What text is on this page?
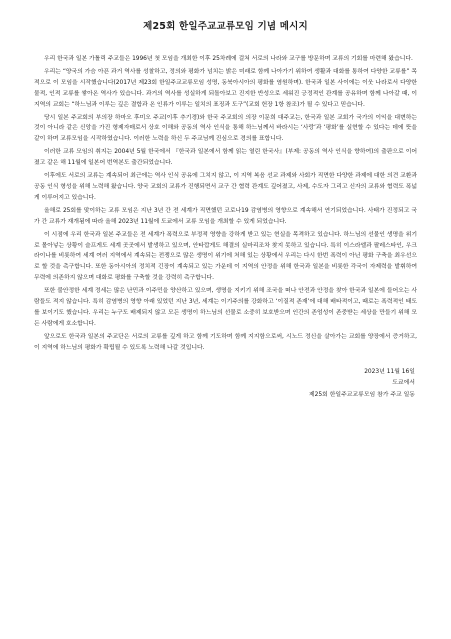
제25회 한일주교교류모임 기념 메시지

우리 한국과 일본 가톨릭 주교들은 1996년 첫 모임을 개최한 이후 25차례에 걸쳐 서로의 나라와 교구를 방문하며 교류의 기회를 마련해 왔습니다.

우리는 “양국의 가슴 아픈 과거 역사를 성찰하고, 정의와 평화가 넘치는 밝은 미래로 함께 나아가기 위하여 생활과 대화를 통하여 다양한 교류를” 목적으로 이 모임을 시작했습니다(2017년 제23회 한일주교교류모임 성명, 동북아시아의 평화를 염원하며). 한국과 일본 사이에는 이웃 나라로서 다양한 물적, 인적 교류를 쌓아온 역사가 있습니다. 과거의 역사를 성실하게 되돌아보고 진지한 반성으로 세워진 긍정적인 관계를 공유하며 함께 나아갈 때, 이 지역의 교회는 “하느님과 이루는 깊은 결합과 온 인류가 이루는 일치의 표징과 도구”(교회 헌장 1항 참조)가 될 수 있다고 믿습니다.

당시 일본 주교회의 부의장 하마오 후미오 주교(이후 추기경)와 한국 주교회의 의장 이문희 대주교는, 한국과 일본 교회가 국가의 이익을 대변하는 것이 아니라 같은 신앙을 가진 형제자매로서 상호 이해와 공동의 역사 인식을 통해 하느님께서 바라시는 ‘사랑’과 ‘평화’를 실현할 수 있다는 데에 뜻을 같이 하며 교류모임을 시작하였습니다. 이러한 노력을 하신 두 주교님께 진심으로 경의를 표합니다.

이러한 교류 모임의 취지는 2004년 5월 한국에서 『한국과 일본에서 함께 읽는 열린 한국사』(부제: 공동의 역사 인식을 향하여)의 출판으로 이어졌고 같은 해 11월에 일본어 번역본도 출간되었습니다.

이후에도 서로의 교류는 계속되어 최근에는 역사 인식 공유에 그치지 않고, 이 지역 복음 선교 과제와 사회가 직면한 다양한 과제에 대한 의견 교환과 공동 인식 형성을 위해 노력해 왔습니다. 양국 교회의 교류가 진행되면서 교구 간 협력 관계도 깊어졌고, 사제, 수도자 그리고 신자의 교류와 협력도 폭넓게 이루어지고 있습니다.

올해로 25회를 맞이하는 교류 모임은 지난 3년 간 전 세계가 직면했던 코로나19 감염병의 영향으로 계속해서 연기되었습니다. 사태가 진정되고 국가 간 교류가 재개됨에 따라 올해 2023년 11월에 도쿄에서 교류 모임을 개최할 수 있게 되었습니다.

이 시점에 우리 한국과 일본 주교들은 전 세계가 폭력으로 부정적 영향을 강하게 받고 있는 현실을 목격하고 있습니다. 하느님의 선물인 생명을 위기로 몰아넣는 상황이 슬프게도 세계 곳곳에서 발생하고 있으며, 안타깝게도 해결의 실마리조차 찾지 못하고 있습니다. 특히 이스라엘과 팔레스타인, 우크라이나를 비롯하여 세계 여러 지역에서 계속되는 전쟁으로 많은 생명이 위기에 처해 있는 상황에서 우리는 다시 한번 폭력이 아닌 평화 구축을 최우선으로 할 것을 촉구합니다. 또한 동아시아의 정치적 긴장이 계속되고 있는 가운데 이 지역의 안정을 위해 한국과 일본을 비롯한 각국이 자제력을 발휘하여 무력에 의존하지 않으며 대화로 평화를 구축할 것을 강력히 촉구합니다.

또한 불안정한 세계 정세는 많은 난민과 이주민을 양산하고 있으며, 생명을 지키기 위해 조국을 떠나 안전과 안정을 찾아 한국과 일본에 들어오는 사람들도 적지 않습니다. 특히 감염병의 영향 아래 있었던 지난 3년, 세계는 이기주의를 강화하고 ‘이질적 존재’에 대해 배타적이고, 때로는 폭력적인 태도를 보이기도 했습니다. 우리는 누구도 배제되지 않고 모든 생명이 하느님의 선물로 소중히 보호받으며 인간의 존엄성이 존중받는 세상을 만들기 위해 모든 사람에게 호소합니다.

앞으로도 한국과 일본의 주교단은 서로의 교류를 깊게 하고 함께 기도하며 함께 지지함으로써, 시노드 정신을 살아가는 교회를 양장에서 증거하고, 이 지역에 하느님의 평화가 확립될 수 있도록 노력해 나갈 것입니다.

2023년 11월 16일
도쿄에서
제25회 한일주교교류모임 참가 주교 일동
